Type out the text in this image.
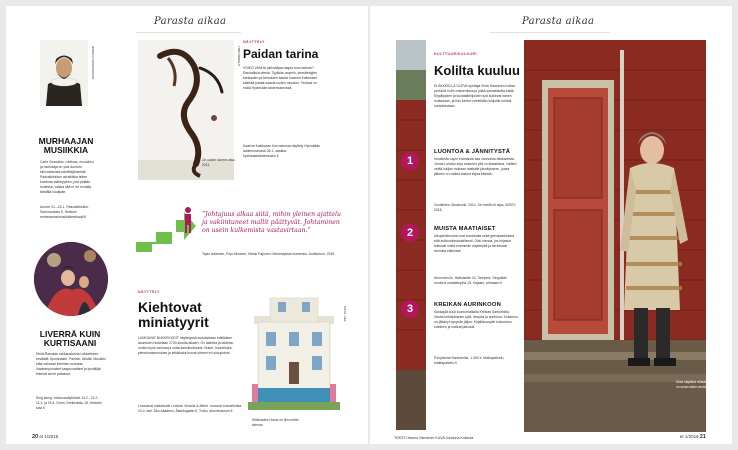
Parasta aikaa
RONALD GROSSMANN
MURHAAJAN MUSIIKKIA
Carlo Gesualdo, ruhtinas, muusikko ja murhaaja on yksi Auroren kiinnostavista säveltäjänimistä. Paavalinkirkon akustiikka tekee kuminaa eläkkyyteen, jota pidään tuulessa, vaikka sitä ei voi ennalta tähdätä kuulijalle.
Aurore 21.–24.1. Paavalinkirkko, Sammonkatu 5, Helsinki renessanssimusiikkifestivaali.fi
LIVERRÄ KUIN KURTISAANI
Etelä-Ranskan rakkaustarina Lekkeliseen keväällä. Ajonteatteri, Pariisin, tähdät. Musiikki elää vahvasti ihmisten mukana. Vaaleanpunaiset kaapuvarttiset ja kynäilijät tekevät sinne palaavat.
Sing along -elokuvanäytökset 14.2., 21.2., 11.3. ja 29.4. Orion, Eerikinkatu 15, Helsinki kavi.fi
On uuden tuoreen aika, 2014.
TIMO WRIGHT
NÄYTTELY
Paidan tarina
VOIKO VANHA pikkuhiljaa raapia tuon tarinan? Rauhallisia otteita. Tyylikäs ompelu, kierrätettyjen kankaiden ja tarinoiden kautta Kaarina Kaikkosen käsissä paidat saavat uuden muodon. Teoksia on esillä Hyvinkään taidemuseossa.
Kaarina Kaikkosen Kerrostumia-näyttely Hyvinkään taidemuseossa 26.1. saakka. hyvinkaantaidemuseo.fi
”Johtajuus alkaa siitä, mihin yleinen ajattelu ja vakiintuneet mallit päättyvät. Johtaminen on usein kulkemista vastavirtaan.”
Tapio Aaltonen, Pepi Alhonen, Heikki Pajunen: Menestyksen kokemus. Auditorium, 2015.
NÄYTTELY
Kiehtovat miniatyyrit
LUMOAVAT NUKKEKODIT näyttelyssä kurkistetaan brittiläisen asumisen historiaan 1700-luvulta alkaen. On taidetta ja taidetta, mutta myös vanhaa ja uutta kahvikulttuuria. Nuket, huonekalut, pienoisrakennukset ja leikkikalut tuovat yhteen eri sukupolvet.
Lumoavat nukkekodit Lontoon Victoria & Albert -museon kokoelmista 10.4. asti. Åbo Akademi, Ålandsgatan 6, Turku, abovetuseum.fi
Whiteladies House on tilin meklin kerman.
KUVA: V&A
20 et 1/2016
Parasta aikaa
1
2
3
KULTTUURIKULKURI
Kolilta kuuluu
ELÄKKEELLÄ OLEVA opettaja Kirsti Haaranen hoitaa perintöä Kolin maisemissa ja pitää sanataidetta esillä. Kirjailijoiden ja kuvataiteilijoiden työt kulkevat hänen mukanaan, ja hän kertoo mielellään lukijoille omista suosikeistaan.
LUONTOA & JÄNNITYSTÄ
Innoitusta Lapin erämaista saa vanhoista dekkareista. Jorma Luhdan kirja tunturien yllä on klassikkoa. Valtteri vetää lukijan mukaan matkalle jännitykseen, jonka jälkeen on vaikea laskea kirjaa käsistä.
Voottimies, Moahonki, 2014. Se meillä oli tapa, WSOY, 2015.
MUISTA MAATIAISET
Alkuperäisrodut ovat arvokkaita sekä geenipankkeina että kulttuurihistoriallisesti. Olisi hienoa, jos kirjastot tekisivät niistä enemmän näyttelyitä ja kertoisivat tarinoita eläimistä.
Ahmonen ilo, Hattulantie 24, Tampere. Seppälän moderni maatiaispiha 15. Kajaani, ahmaani.fi
KREIKAN AURINKOON
Sukkajää kuuli luontomatkalla Kreikan Santorinilla. Vanha kreikkalainen kylä, lämpöä ja aurinkoa. Kokemus on jättänyt pysyvän jäljen. Kirjallisuuspiiri kokoontuu edelleen ja matkat jatkuvat.
Pohjoisinta Santorinilla, 1.300 e. Matkapalvelu, matkapalvelu.fi
Kirsti näyttävä villatakki on oman käsin neulottu.
TEKSTI Hannu Nieminen KUVA Johanna Kokkola	et 1/2016 21
